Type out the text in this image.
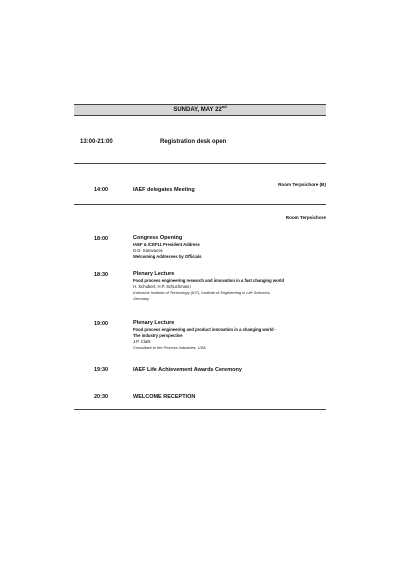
SUNDAY, MAY 22nd
13:00-21:00	Registration desk open
Room Terpsichore (B)
14:00	IAEF delegates Meeting
Room Terpsichore
18:00	Congress Opening
IAEF & ICEF11 President Address
G.D. Saravacos
Welcoming Addresses by Officials
18:30	Plenary Lecture
Food process engineering research and innovation in a fast changing world
H. Schubert, H.P. Schuchmann
Karlsruhe Institute of Technology (KIT), Institute of Engineering in Life Sciences,
Germany
19:00	Plenary Lecture
Food process engineering and product innovation in a changing world -
The industry perspective
J.P. Clark
Consultant to the Process Industries, USA
19:30	IAEF Life Achievement Awards Ceremony
20:30	WELCOME RECEPTION
